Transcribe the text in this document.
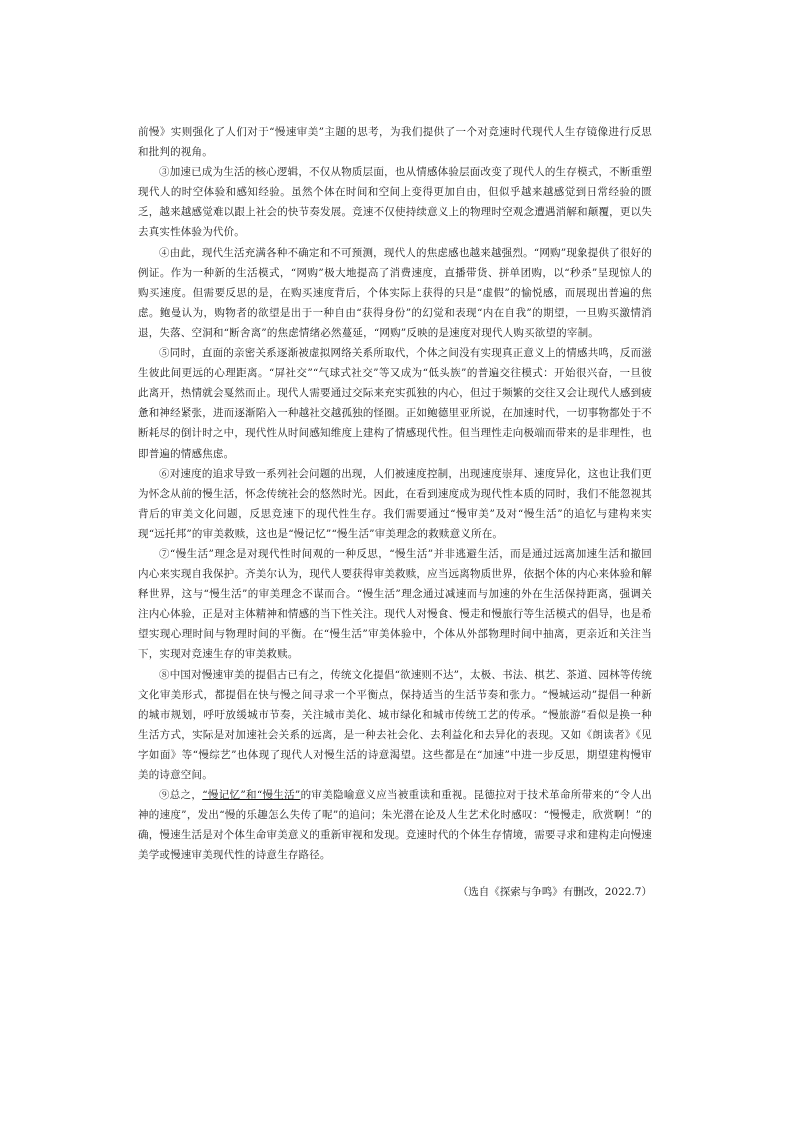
前慢》实则强化了人们对于“慢速审美”主题的思考，为我们提供了一个对竞速时代现代人生存镜像进行反思和批判的视角。

③加速已成为生活的核心逻辑，不仅从物质层面，也从情感体验层面改变了现代人的生存模式，不断重塑现代人的时空体验和感知经验。虽然个体在时间和空间上变得更加自由，但似乎越来越感觉到日常经验的匮乏，越来越感觉难以跟上社会的快节奏发展。竞速不仅使持续意义上的物理时空观念遭遇消解和颠覆，更以失去真实性体验为代价。

④由此，现代生活充满各种不确定和不可预测，现代人的焦虑感也越来越强烈。“网购”现象提供了很好的例证。作为一种新的生活模式，“网购”极大地提高了消费速度，直播带货、拼单团购，以“秒杀”呈现惊人的购买速度。但需要反思的是，在购买速度背后，个体实际上获得的只是“虚假”的愉悦感，而展现出普遍的焦虑。鲍曼认为，购物者的欲望是出于一种自由“获得身份”的幻觉和表现“内在自我”的期望，一旦购买激情消退，失落、空洞和“断舍离”的焦虑情绪必然蔓延，“网购”反映的是速度对现代人购买欲望的宰制。

⑤同时，直面的亲密关系逐渐被虚拟网络关系所取代，个体之间没有实现真正意义上的情感共鸣，反而滋生彼此间更远的心理距离。“屏社交”“气球式社交”等又成为“低头族”的普遍交往模式：开始很兴奋，一旦彼此离开，热情就会戛然而止。现代人需要通过交际来充实孤独的内心，但过于频繁的交往又会让现代人感到疲惫和神经紧张，进而逐渐陷入一种越社交越孤独的怪圈。正如鲍德里亚所说，在加速时代，一切事物都处于不断耗尽的倒计时之中，现代性从时间感知维度上建构了情感现代性。但当理性走向极端而带来的是非理性，也即普遍的情感焦虑。

⑥对速度的追求导致一系列社会问题的出现，人们被速度控制，出现速度崇拜、速度异化，这也让我们更为怀念从前的慢生活，怀念传统社会的悠然时光。因此，在看到速度成为现代性本质的同时，我们不能忽视其背后的审美文化问题，反思竞速下的现代性生存。我们需要通过“慢审美”及对“慢生活”的追忆与建构来实现“远托邦”的审美救赎，这也是“慢记忆”“慢生活”审美理念的救赎意义所在。

⑦“慢生活”理念是对现代性时间观的一种反思，“慢生活”并非逃避生活，而是通过远离加速生活和撤回内心来实现自我保护。齐美尔认为，现代人要获得审美救赎，应当远离物质世界，依据个体的内心来体验和解释世界，这与“慢生活”的审美理念不谋而合。“慢生活”理念通过减速而与加速的外在生活保持距离，强调关注内心体验，正是对主体精神和情感的当下性关注。现代人对慢食、慢走和慢旅行等生活模式的倡导，也是希望实现心理时间与物理时间的平衡。在“慢生活”审美体验中，个体从外部物理时间中抽离，更亲近和关注当下，实现对竞速生存的审美救赎。

⑧中国对慢速审美的提倡古已有之，传统文化提倡“欲速则不达”，太极、书法、棋艺、茶道、园林等传统文化审美形式，都提倡在快与慢之间寻求一个平衡点，保持适当的生活节奏和张力。“慢城运动”提倡一种新的城市规划，呼吁放缓城市节奏，关注城市美化、城市绿化和城市传统工艺的传承。“慢旅游”看似是换一种生活方式，实际是对加速社会关系的远离，是一种去社会化、去利益化和去异化的表现。又如《朗读者》《见字如面》等“慢综艺”也体现了现代人对慢生活的诗意渴望。这些都是在“加速”中进一步反思，期望建构慢审美的诗意空间。

⑨总之，“慢记忆”和“慢生活”的审美隐喻意义应当被重读和重视。昆德拉对于技术革命所带来的“令人出神的速度”，发出“慢的乐趣怎么失传了呢”的追问；朱光潜在论及人生艺术化时感叹：“慢慢走，欣赏啊！”的确，慢速生活是对个体生命审美意义的重新审视和发现。竞速时代的个体生存情境，需要寻求和建构走向慢速美学或慢速审美现代性的诗意生存路径。

（选自《探索与争鸣》有删改，2022.7）
